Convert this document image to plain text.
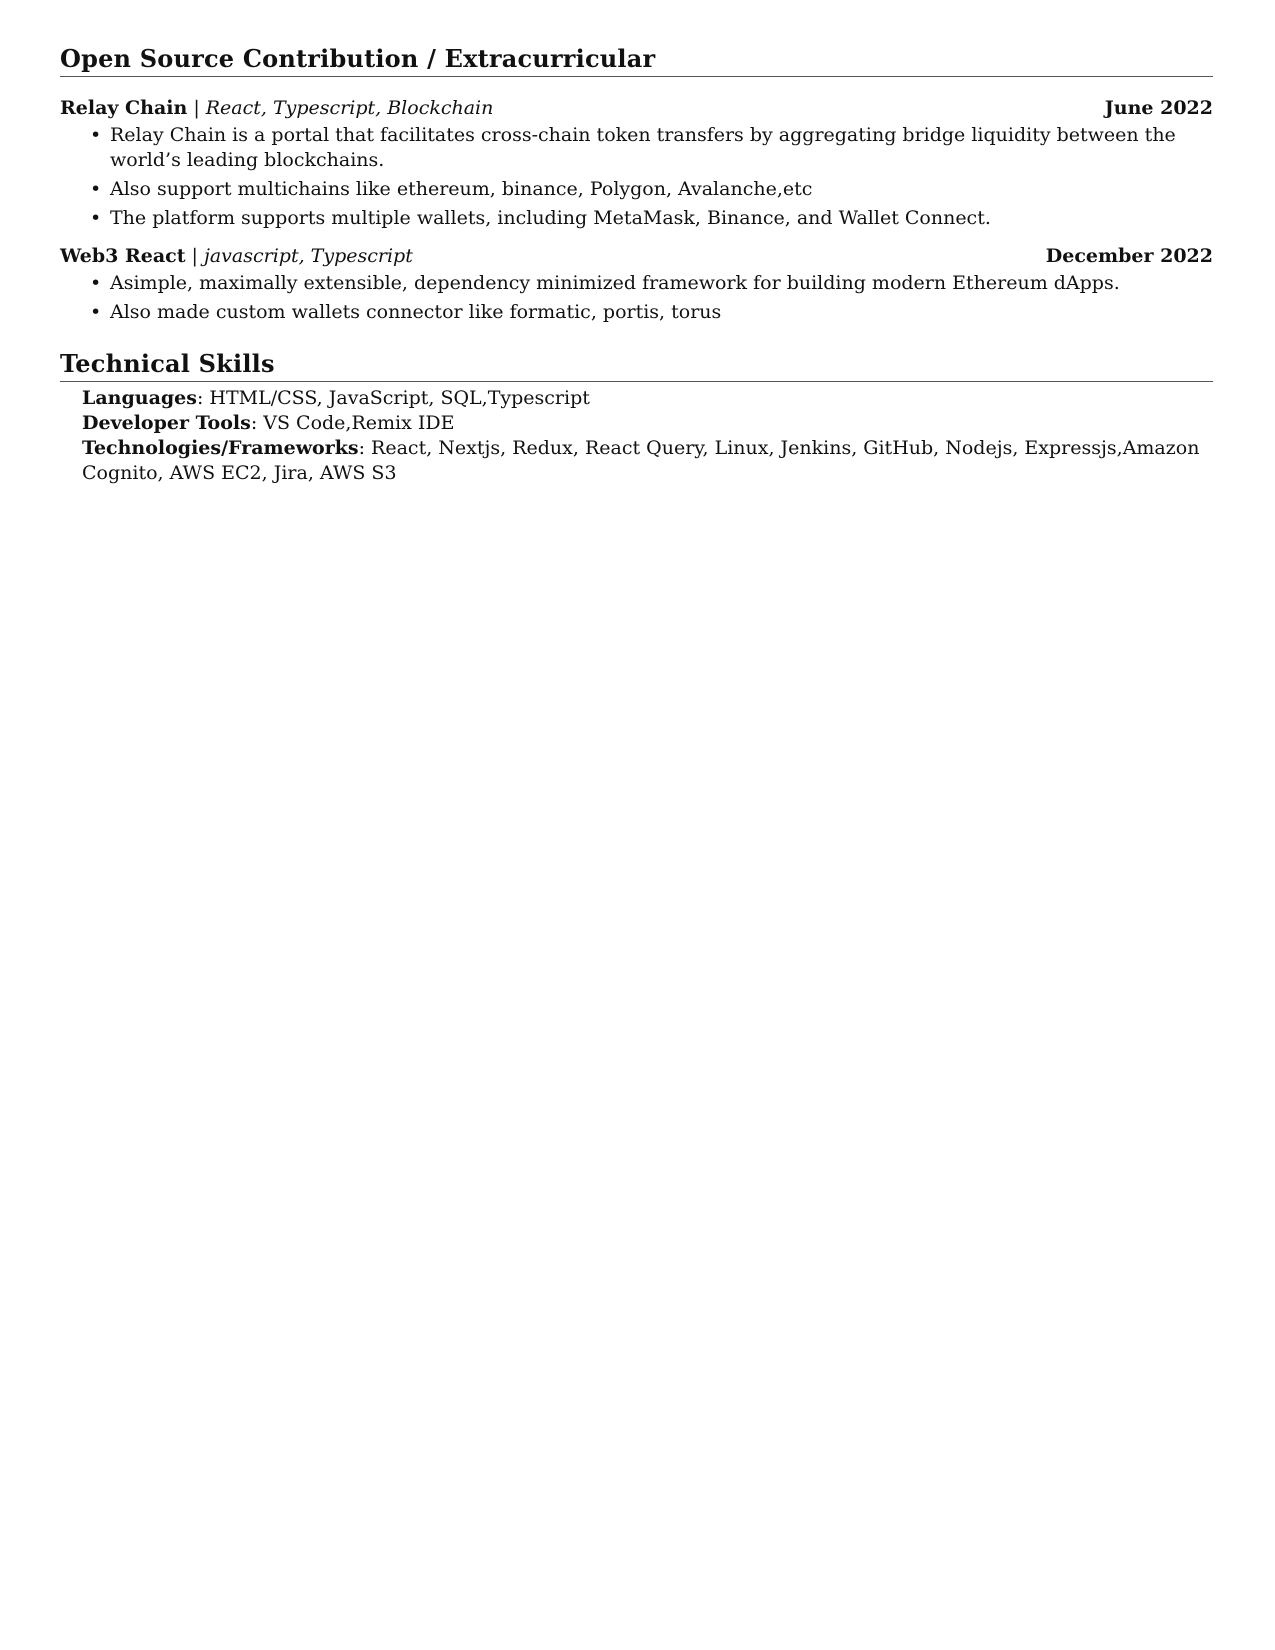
Open Source Contribution / Extracurricular
Relay Chain | React, Typescript, Blockchain	June 2022
• Relay Chain is a portal that facilitates cross-chain token transfers by aggregating bridge liquidity between the world’s leading blockchains.
• Also support multichains like ethereum, binance, Polygon, Avalanche,etc
• The platform supports multiple wallets, including MetaMask, Binance, and Wallet Connect.
Web3 React | javascript, Typescript	December 2022
• Asimple, maximally extensible, dependency minimized framework for building modern Ethereum dApps.
• Also made custom wallets connector like formatic, portis, torus
Technical Skills
Languages: HTML/CSS, JavaScript, SQL,Typescript
Developer Tools: VS Code,Remix IDE
Technologies/Frameworks: React, Nextjs, Redux, React Query, Linux, Jenkins, GitHub, Nodejs, Expressjs,Amazon Cognito, AWS EC2, Jira, AWS S3
